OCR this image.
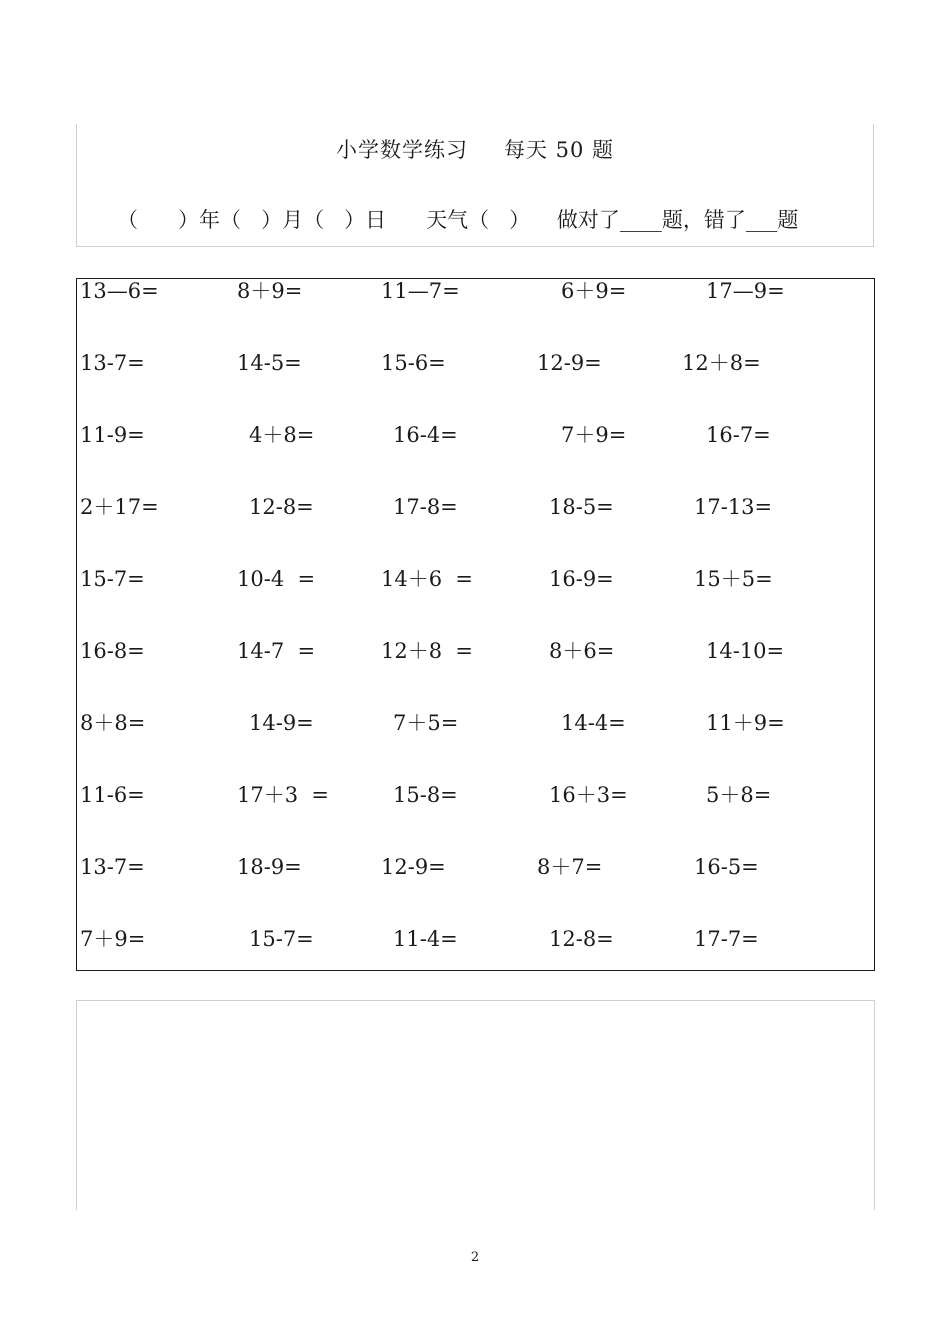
小学数学练习 每天 50 题
（      ）年（   ）月（   ）日      天气（   ）    做对了____题，错了___题
13—6=	8＋9=	11—7=	6＋9=	17—9=
13-7=	14-5=	15-6=	12-9=	12＋8=
11-9=	4＋8=	16-4=	7＋9=	16-7=
2＋17=	12-8=	17-8=	18-5=	17-13=
15-7=	10-4  =	14＋6  =	16-9=	15＋5=
16-8=	14-7  =	12＋8  =	8＋6=	14-10=
8＋8=	14-9=	7＋5=	14-4=	11＋9=
11-6=	17＋3  =	15-8=	16＋3=	5＋8=
13-7=	18-9=	12-9=	8＋7=	16-5=
7＋9=	15-7=	11-4=	12-8=	17-7=
2
